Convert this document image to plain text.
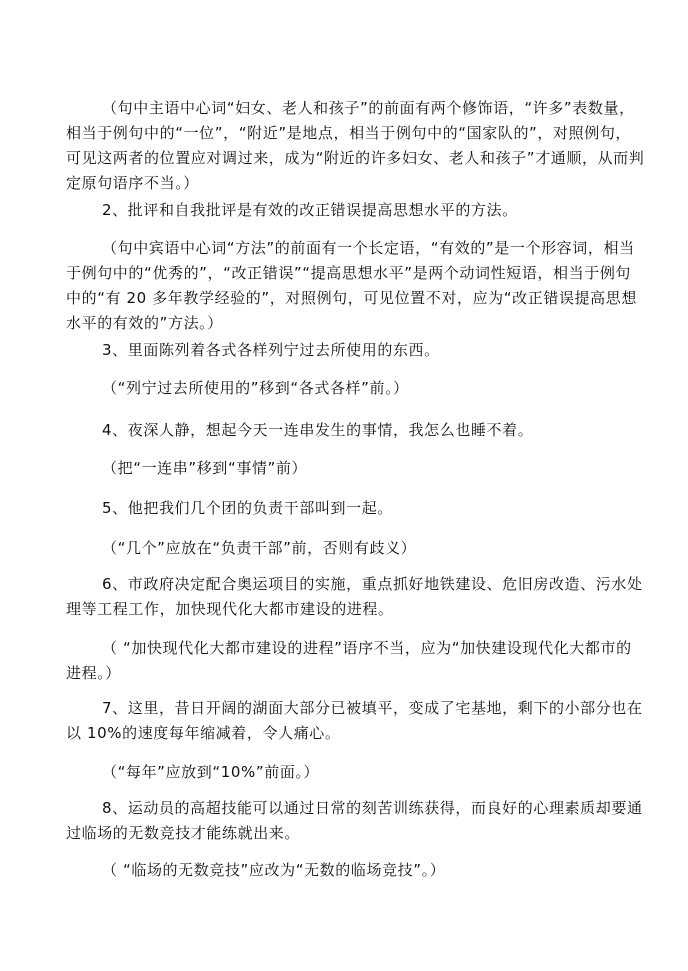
（句中主语中心词“妇女、老人和孩子”的前面有两个修饰语，“许多”表数量，相当于例句中的“一位”，“附近”是地点，相当于例句中的“国家队的”，对照例句，可见这两者的位置应对调过来，成为“附近的许多妇女、老人和孩子”才通顺，从而判定原句语序不当。）

2、批评和自我批评是有效的改正错误提高思想水平的方法。

（句中宾语中心词“方法”的前面有一个长定语，“有效的”是一个形容词，相当于例句中的“优秀的”，“改正错误”“提高思想水平”是两个动词性短语，相当于例句中的“有 20 多年教学经验的”，对照例句，可见位置不对，应为“改正错误提高思想水平的有效的”方法。）

3、里面陈列着各式各样列宁过去所使用的东西。

（“列宁过去所使用的”移到“各式各样”前。）

4、夜深人静，想起今天一连串发生的事情，我怎么也睡不着。

（把“一连串”移到“事情”前）

5、他把我们几个团的负责干部叫到一起。

（“几个”应放在“负责干部”前，否则有歧义）

6、市政府决定配合奥运项目的实施，重点抓好地铁建设、危旧房改造、污水处理等工程工作，加快现代化大都市建设的进程。

（ “加快现代化大都市建设的进程”语序不当，应为“加快建设现代化大都市的进程。）

7、这里，昔日开阔的湖面大部分已被填平，变成了宅基地，剩下的小部分也在以 10%的速度每年缩减着，令人痛心。

（“每年”应放到“10%”前面。）

8、运动员的高超技能可以通过日常的刻苦训练获得，而良好的心理素质却要通过临场的无数竞技才能练就出来。

（ “临场的无数竞技”应改为“无数的临场竞技”。）
